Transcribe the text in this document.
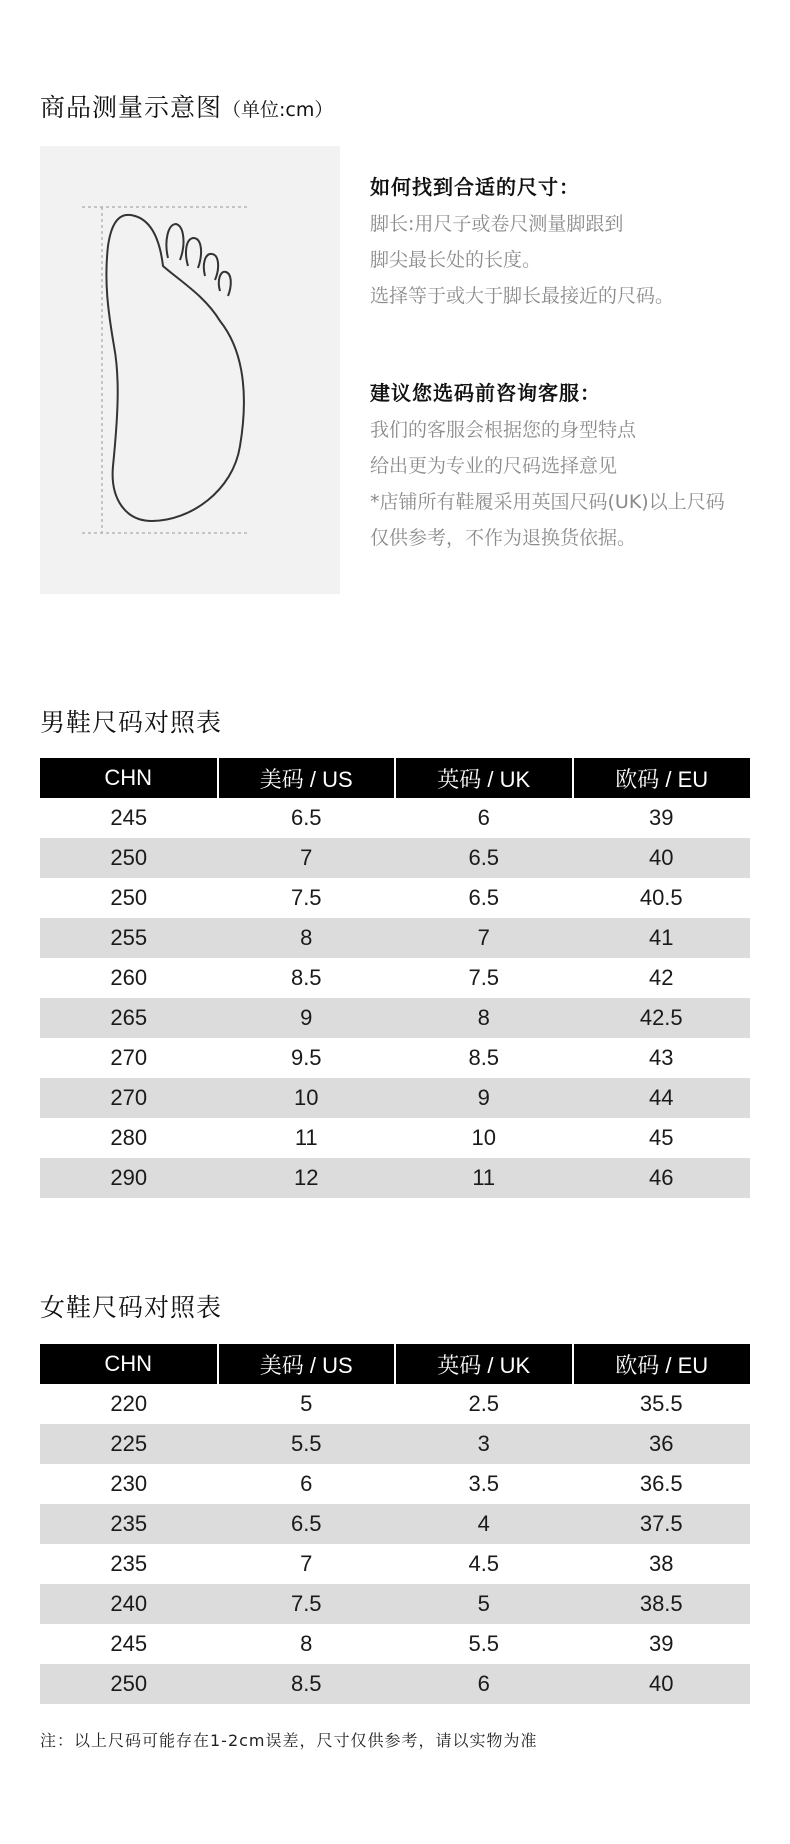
商品测量示意图（单位:cm）
如何找到合适的尺寸：
脚长:用尺子或卷尺测量脚跟到
脚尖最长处的长度。
选择等于或大于脚长最接近的尺码。
建议您选码前咨询客服：
我们的客服会根据您的身型特点
给出更为专业的尺码选择意见
*店铺所有鞋履采用英国尺码(UK)以上尺码
仅供参考，不作为退换货依据。
男鞋尺码对照表
CHN	美码 / US	英码 / UK	欧码 / EU
245	6.5	6	39
250	7	6.5	40
250	7.5	6.5	40.5
255	8	7	41
260	8.5	7.5	42
265	9	8	42.5
270	9.5	8.5	43
270	10	9	44
280	11	10	45
290	12	11	46
女鞋尺码对照表
CHN	美码 / US	英码 / UK	欧码 / EU
220	5	2.5	35.5
225	5.5	3	36
230	6	3.5	36.5
235	6.5	4	37.5
235	7	4.5	38
240	7.5	5	38.5
245	8	5.5	39
250	8.5	6	40
注：以上尺码可能存在1-2cm误差，尺寸仅供参考，请以实物为准
